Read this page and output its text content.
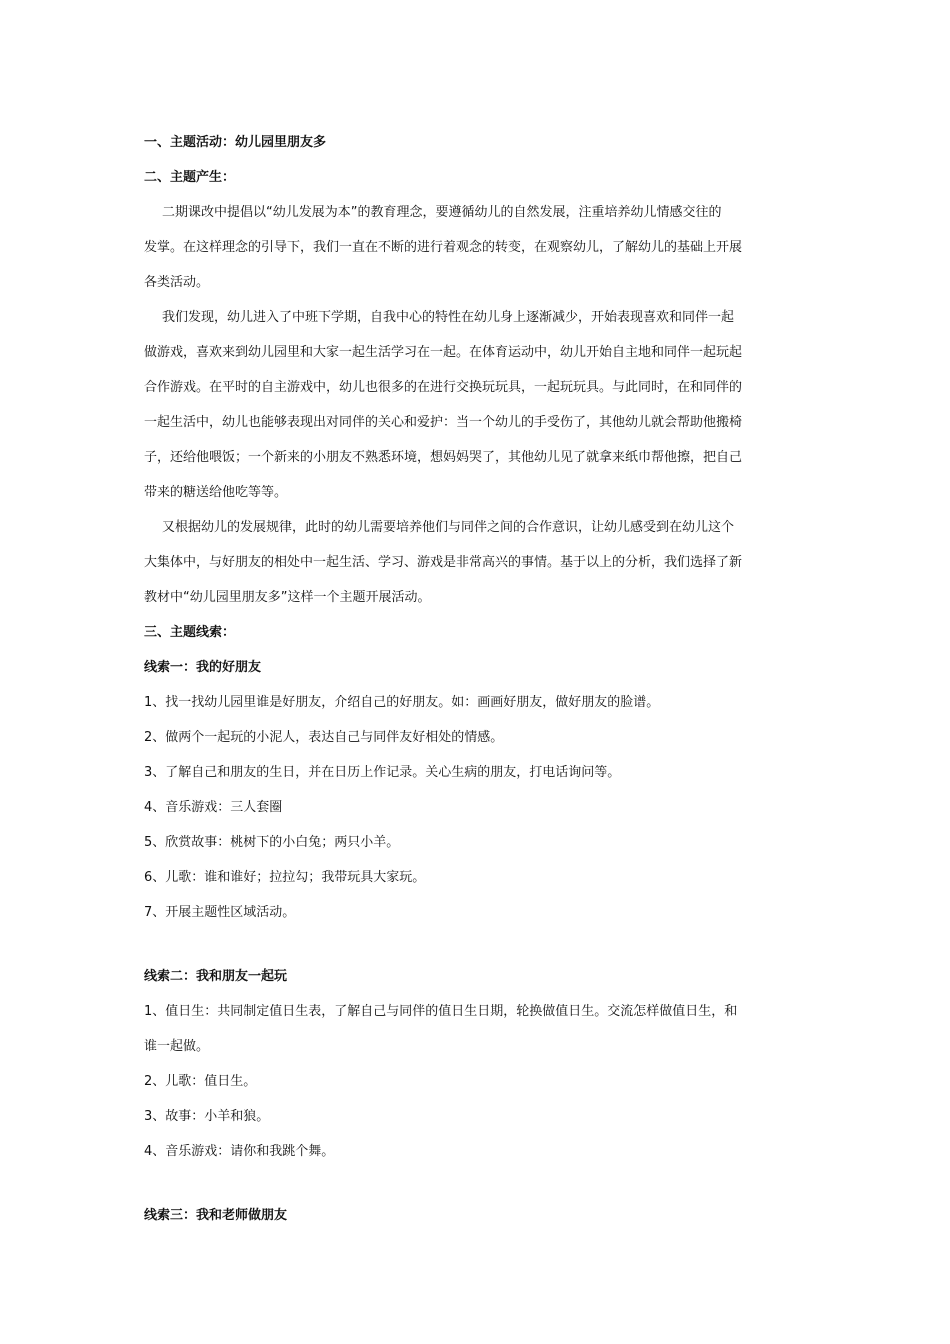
一、主题活动：幼儿园里朋友多
二、主题产生：
二期课改中提倡以“幼儿发展为本”的教育理念，要遵循幼儿的自然发展，注重培养幼儿情感交往的
发掌。在这样理念的引导下，我们一直在不断的进行着观念的转变，在观察幼儿，了解幼儿的基础上开展
各类活动。
我们发现，幼儿进入了中班下学期，自我中心的特性在幼儿身上逐渐减少，开始表现喜欢和同伴一起
做游戏，喜欢来到幼儿园里和大家一起生活学习在一起。在体育运动中，幼儿开始自主地和同伴一起玩起
合作游戏。在平时的自主游戏中，幼儿也很多的在进行交换玩玩具，一起玩玩具。与此同时，在和同伴的
一起生活中，幼儿也能够表现出对同伴的关心和爱护：当一个幼儿的手受伤了，其他幼儿就会帮助他搬椅
子，还给他喂饭；一个新来的小朋友不熟悉环境，想妈妈哭了，其他幼儿见了就拿来纸巾帮他擦，把自己
带来的糖送给他吃等等。
又根据幼儿的发展规律，此时的幼儿需要培养他们与同伴之间的合作意识，让幼儿感受到在幼儿这个
大集体中，与好朋友的相处中一起生活、学习、游戏是非常高兴的事情。基于以上的分析，我们选择了新
教材中“幼儿园里朋友多”这样一个主题开展活动。
三、主题线索：
线索一：我的好朋友
1、找一找幼儿园里谁是好朋友，介绍自己的好朋友。如：画画好朋友，做好朋友的脸谱。
2、做两个一起玩的小泥人，表达自己与同伴友好相处的情感。
3、了解自己和朋友的生日，并在日历上作记录。关心生病的朋友，打电话询问等。
4、音乐游戏：三人套圈
5、欣赏故事：桃树下的小白兔；两只小羊。
6、儿歌：谁和谁好；拉拉勾；我带玩具大家玩。
7、开展主题性区域活动。
线索二：我和朋友一起玩
1、值日生：共同制定值日生表，了解自己与同伴的值日生日期，轮换做值日生。交流怎样做值日生，和
谁一起做。
2、儿歌：值日生。
3、故事：小羊和狼。
4、音乐游戏：请你和我跳个舞。
线索三：我和老师做朋友
